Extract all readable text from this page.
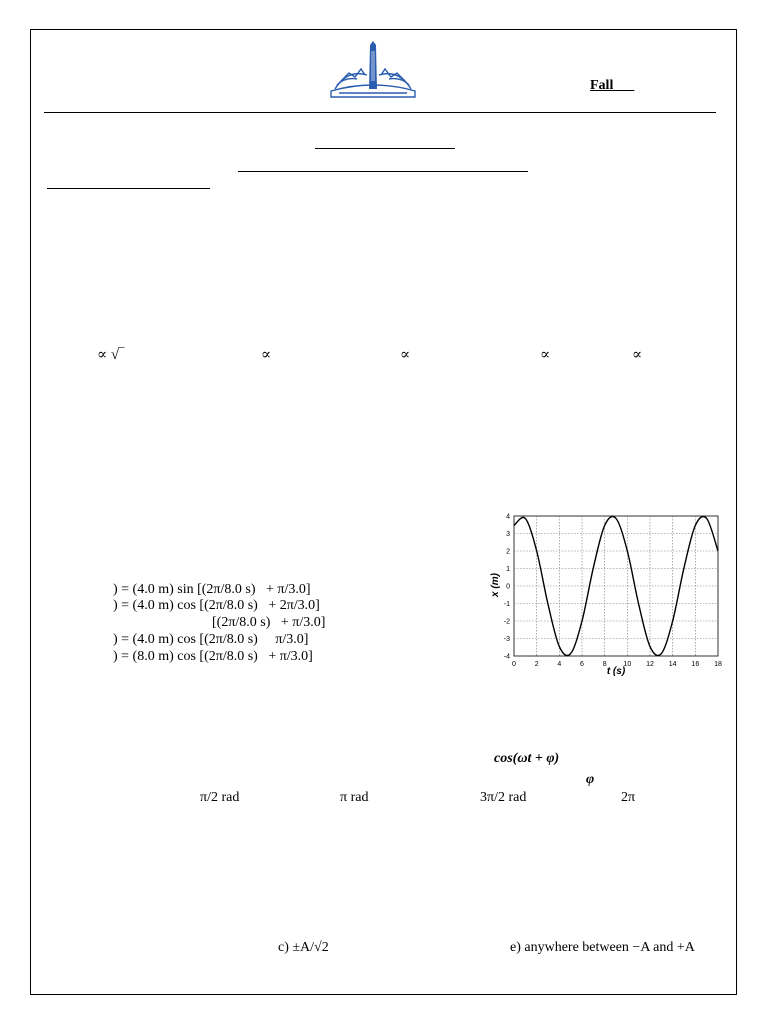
Fall
∝ √‾	∝	∝	∝	∝
) = (4.0 m) sin [(2π/8.0 s)   + π/3.0]
) = (4.0 m) cos [(2π/8.0 s)   + 2π/3.0]
[(2π/8.0 s)   + π/3.0]
) = (4.0 m) cos [(2π/8.0 s)     π/3.0]
) = (8.0 m) cos [(2π/8.0 s)   + π/3.0]
0	2	4	6	8 10 12 14 16 18
4
3
2
1
0
-1
-2
-3
-4
t (s)
x (m)
cos(ωt + φ)
φ
π/2 rad	π rad	3π/2 rad	2π
c) ±A/√2	e) anywhere between −A and +A
